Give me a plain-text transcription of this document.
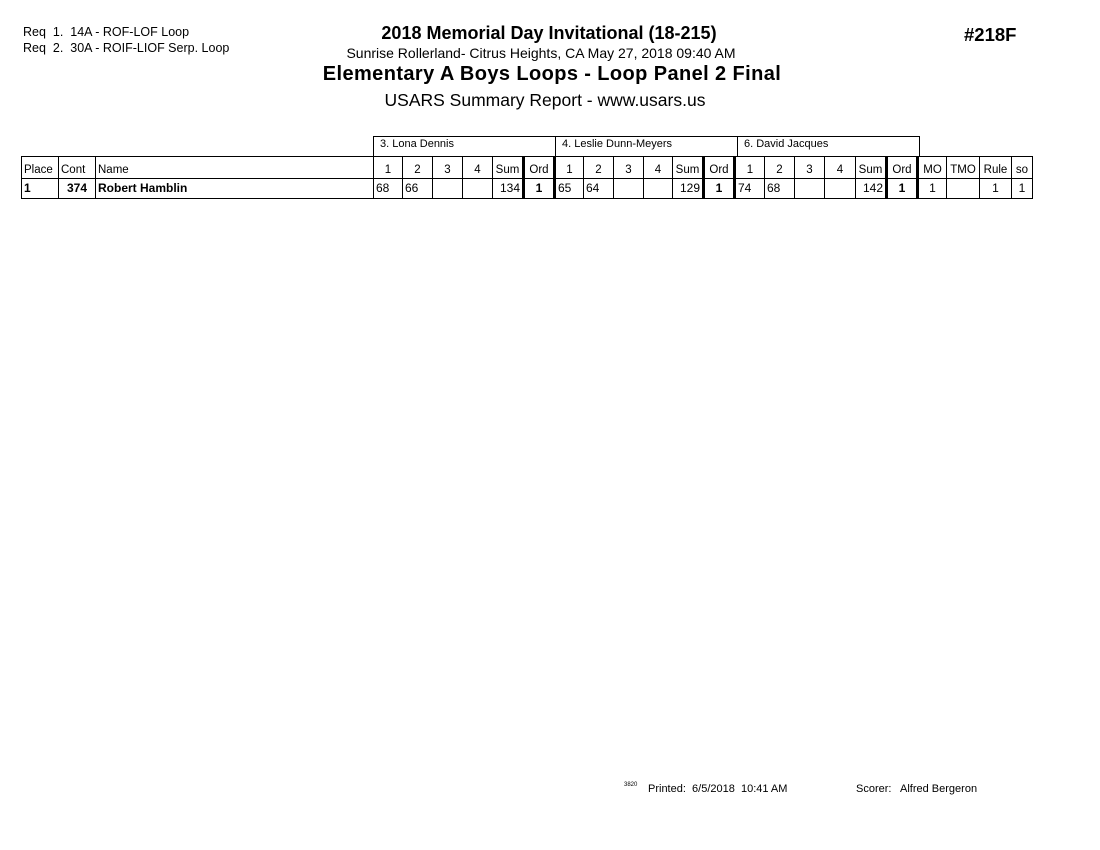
Req  1.  14A - ROF-LOF Loop
Req  2.  30A - ROIF-LIOF Serp. Loop
2018 Memorial Day Invitational (18-215)
Sunrise Rollerland- Citrus Heights, CA May 27, 2018 09:40 AM
Elementary A Boys Loops - Loop Panel 2 Final
USARS Summary Report - www.usars.us
#218F
3. Lona Dennis	4. Leslie Dunn-Meyers	6. David Jacques
Place	Cont	Name	1	2	3	4	Sum	Ord	1	2	3	4	Sum	Ord	1	2	3	4	Sum	Ord	MO	TMO	Rule	so
1	374	Robert Hamblin	68	66			134	1	65	64			129	1	74	68			142	1	1		1	1
3820 Printed:  6/5/2018  10:41 AM	Scorer:   Alfred Bergeron
